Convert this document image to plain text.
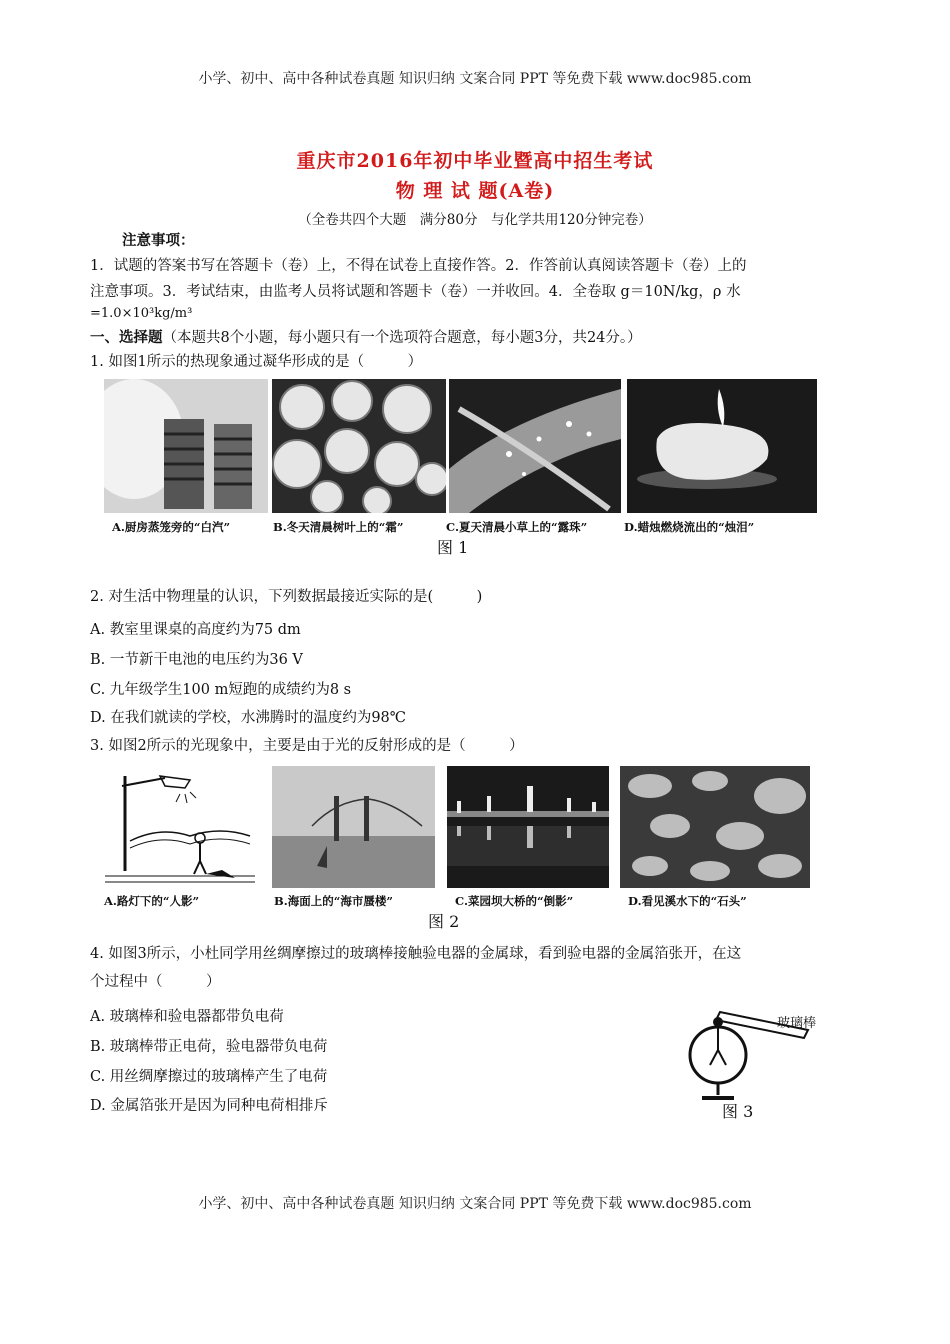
小学、初中、高中各种试卷真题 知识归纳 文案合同 PPT 等免费下载 www.doc985.com
重庆市2016年初中毕业暨高中招生考试
物 理 试 题(A卷)
（全卷共四个大题　满分80分　与化学共用120分钟完卷）
注意事项：
1．试题的答案书写在答题卡（卷）上，不得在试卷上直接作答。2．作答前认真阅读答题卡（卷）上的
注意事项。3．考试结束，由监考人员将试题和答题卡（卷）一并收回。4．全卷取 g＝10N/kg，ρ 水
=1.0×10³kg/m³
一、选择题（本题共8个小题，每小题只有一个选项符合题意，每小题3分，共24分。）
1. 如图1所示的热现象通过凝华形成的是（　　　）
A.厨房蒸笼旁的“白汽”	B.冬天清晨树叶上的“霜”	C.夏天清晨小草上的“露珠”	D.蜡烛燃烧流出的“烛泪”
图 1
2. 对生活中物理量的认识，下列数据最接近实际的是(　　　)
A. 教室里课桌的高度约为75 dm
B. 一节新干电池的电压约为36 V
C. 九年级学生100 m短跑的成绩约为8 s
D. 在我们就读的学校，水沸腾时的温度约为98℃
3. 如图2所示的光现象中，主要是由于光的反射形成的是（　　　）
A.路灯下的“人影”	B.海面上的“海市蜃楼”	C.菜园坝大桥的“倒影”	D.看见溪水下的“石头”
图 2
4. 如图3所示，小杜同学用丝绸摩擦过的玻璃棒接触验电器的金属球，看到验电器的金属箔张开，在这
个过程中（　　　）
A. 玻璃棒和验电器都带负电荷
B. 玻璃棒带正电荷，验电器带负电荷
C. 用丝绸摩擦过的玻璃棒产生了电荷
D. 金属箔张开是因为同种电荷相排斥
玻璃棒
图 3
小学、初中、高中各种试卷真题 知识归纳 文案合同 PPT 等免费下载 www.doc985.com
